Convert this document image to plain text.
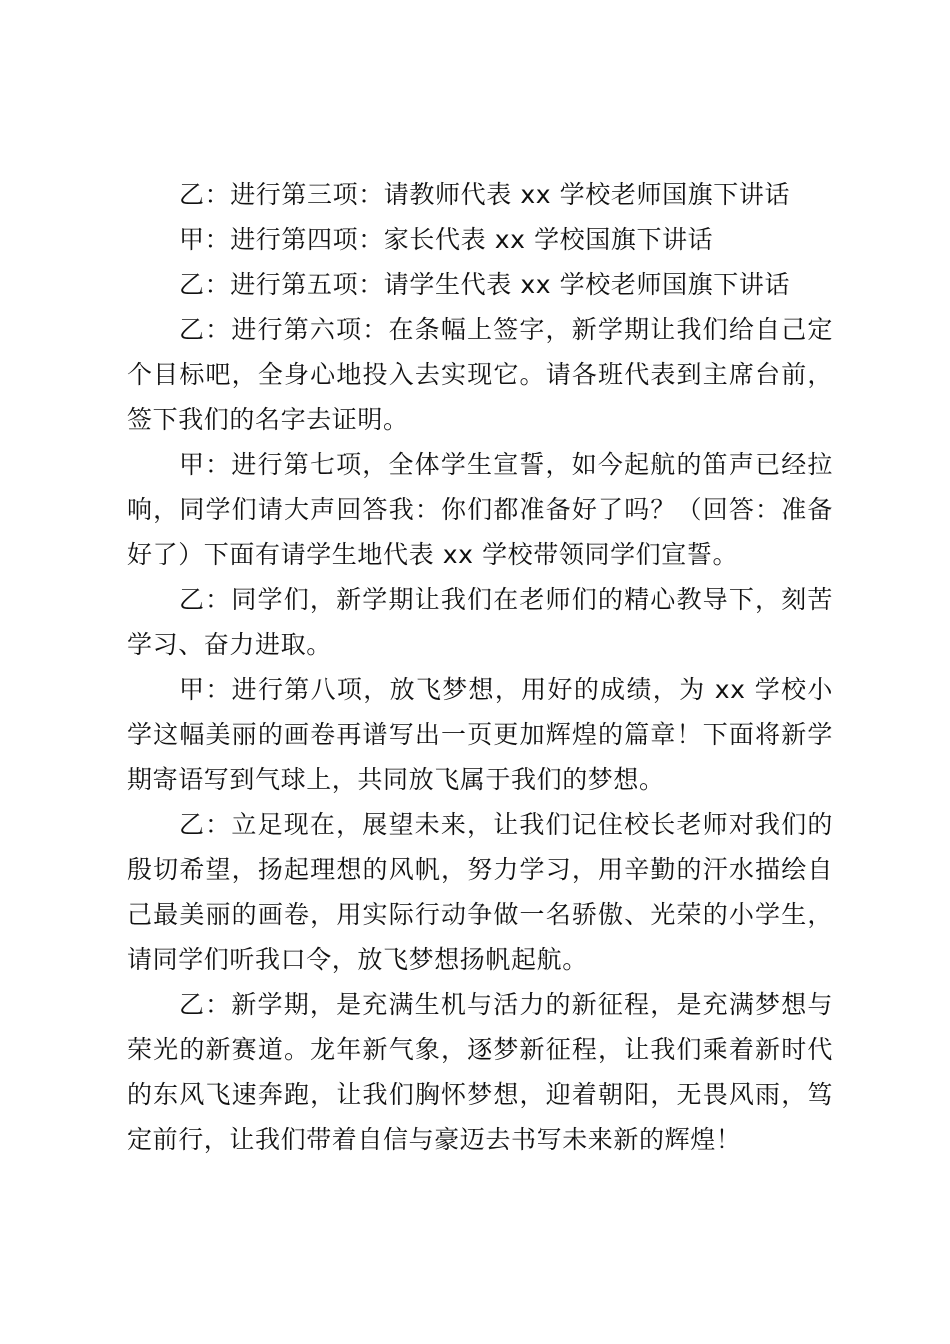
乙：进行第三项：请教师代表 xx 学校老师国旗下讲话

甲：进行第四项：家长代表 xx 学校国旗下讲话

乙：进行第五项：请学生代表 xx 学校老师国旗下讲话

乙：进行第六项：在条幅上签字，新学期让我们给自己定个目标吧，全身心地投入去实现它。请各班代表到主席台前，签下我们的名字去证明。

甲：进行第七项，全体学生宣誓，如今起航的笛声已经拉响，同学们请大声回答我：你们都准备好了吗？（回答：准备好了）下面有请学生地代表 xx 学校带领同学们宣誓。

乙：同学们，新学期让我们在老师们的精心教导下，刻苦学习、奋力进取。

甲：进行第八项，放飞梦想，用好的成绩，为 xx 学校小学这幅美丽的画卷再谱写出一页更加辉煌的篇章！下面将新学期寄语写到气球上，共同放飞属于我们的梦想。

乙：立足现在，展望未来，让我们记住校长老师对我们的殷切希望，扬起理想的风帆，努力学习，用辛勤的汗水描绘自己最美丽的画卷，用实际行动争做一名骄傲、光荣的小学生，请同学们听我口令，放飞梦想扬帆起航。

乙：新学期，是充满生机与活力的新征程，是充满梦想与荣光的新赛道。龙年新气象，逐梦新征程，让我们乘着新时代的东风飞速奔跑，让我们胸怀梦想，迎着朝阳，无畏风雨，笃定前行，让我们带着自信与豪迈去书写未来新的辉煌！
